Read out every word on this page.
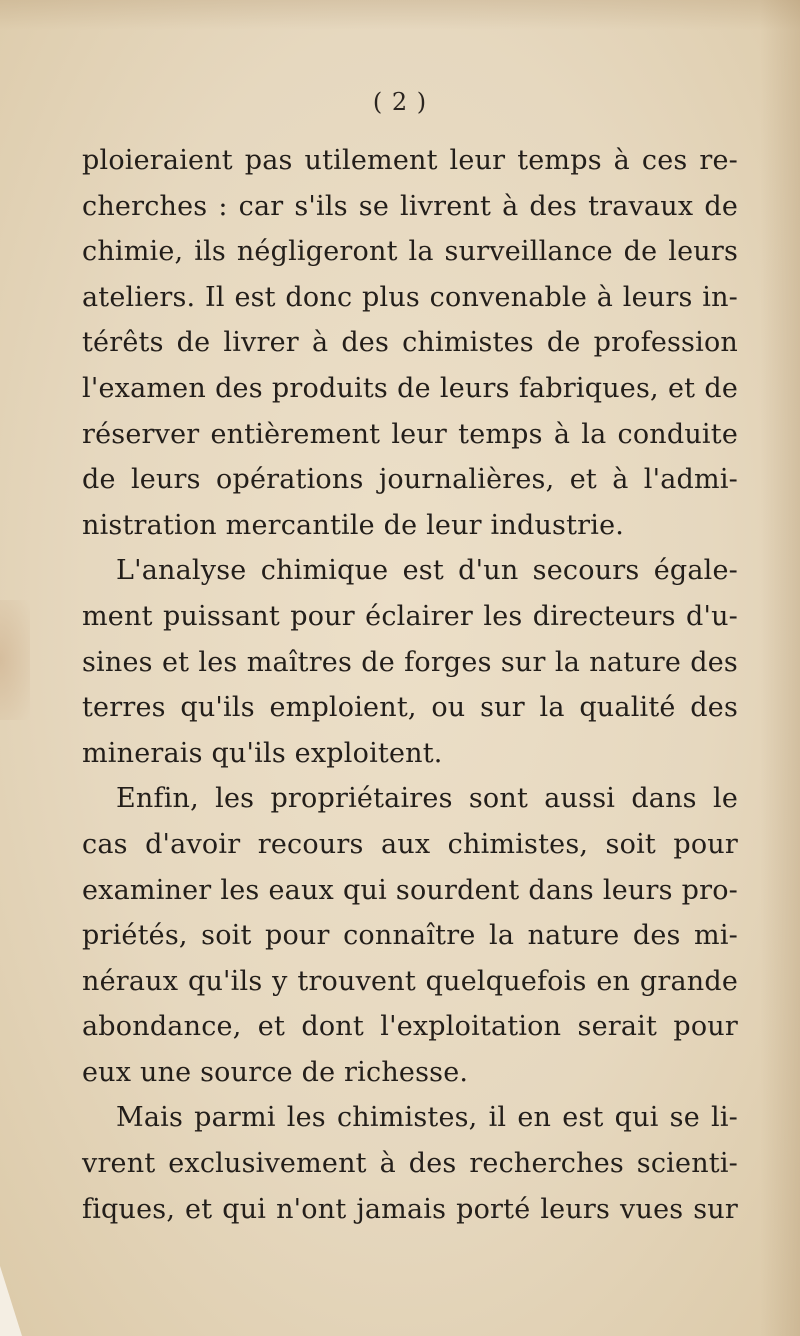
( 2 )
ploieraient pas utilement leur temps à ces re-
cherches : car s'ils se livrent à des travaux de
chimie, ils négligeront la surveillance de leurs
ateliers. Il est donc plus convenable à leurs in-
térêts de livrer à des chimistes de profession
l'examen des produits de leurs fabriques, et de
réserver entièrement leur temps à la conduite
de leurs opérations journalières, et à l'admi-
nistration mercantile de leur industrie.
L'analyse chimique est d'un secours égale-
ment puissant pour éclairer les directeurs d'u-
sines et les maîtres de forges sur la nature des
terres qu'ils emploient, ou sur la qualité des
minerais qu'ils exploitent.
Enfin, les propriétaires sont aussi dans le
cas d'avoir recours aux chimistes, soit pour
examiner les eaux qui sourdent dans leurs pro-
priétés, soit pour connaître la nature des mi-
néraux qu'ils y trouvent quelquefois en grande
abondance, et dont l'exploitation serait pour
eux une source de richesse.
Mais parmi les chimistes, il en est qui se li-
vrent exclusivement à des recherches scienti-
fiques, et qui n'ont jamais porté leurs vues sur
